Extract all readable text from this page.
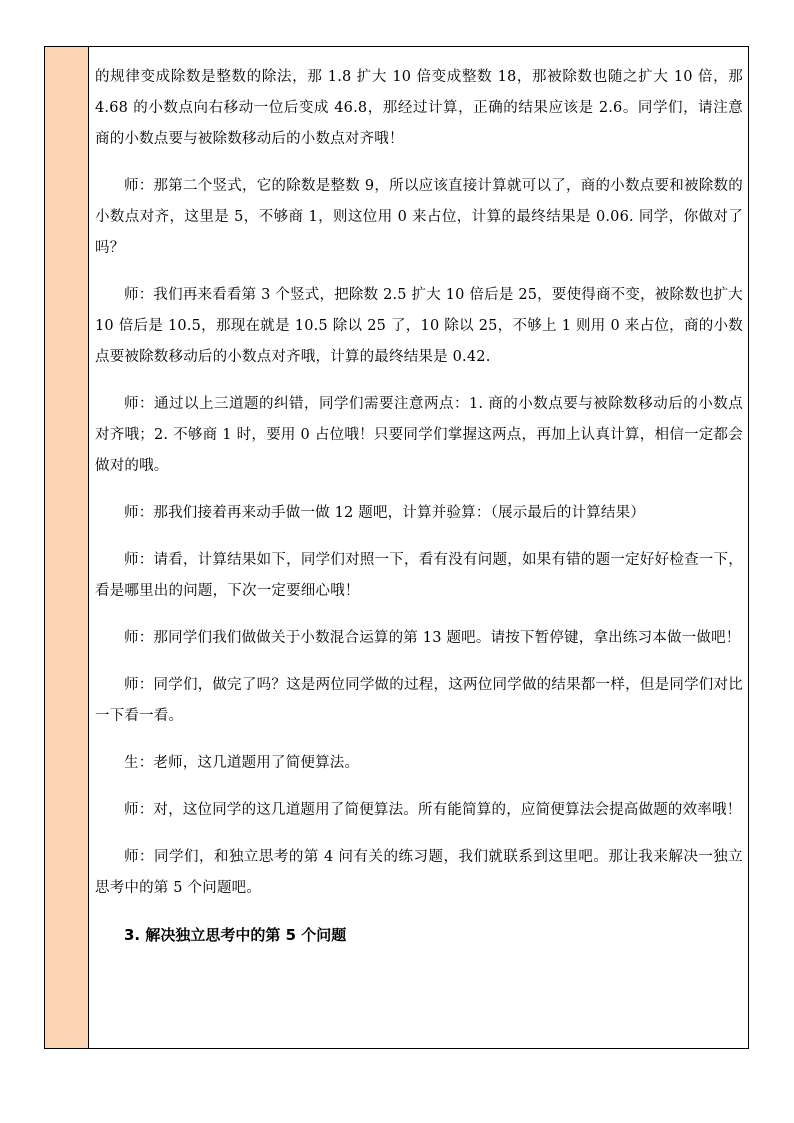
的规律变成除数是整数的除法，那 1.8 扩大 10 倍变成整数 18，那被除数也随之扩大 10 倍，那 4.68 的小数点向右移动一位后变成 46.8，那经过计算，正确的结果应该是 2.6。同学们，请注意商的小数点要与被除数移动后的小数点对齐哦！

师：那第二个竖式，它的除数是整数 9，所以应该直接计算就可以了，商的小数点要和被除数的小数点对齐，这里是 5，不够商 1，则这位用 0 来占位，计算的最终结果是 0.06. 同学，你做对了吗？

师：我们再来看看第 3 个竖式，把除数 2.5 扩大 10 倍后是 25，要使得商不变，被除数也扩大 10 倍后是 10.5，那现在就是 10.5 除以 25 了，10 除以 25，不够上 1 则用 0 来占位，商的小数点要被除数移动后的小数点对齐哦，计算的最终结果是 0.42.

师：通过以上三道题的纠错，同学们需要注意两点：1. 商的小数点要与被除数移动后的小数点对齐哦；2. 不够商 1 时，要用 0 占位哦！只要同学们掌握这两点，再加上认真计算，相信一定都会做对的哦。

师：那我们接着再来动手做一做 12 题吧，计算并验算：（展示最后的计算结果）

师：请看，计算结果如下，同学们对照一下，看有没有问题，如果有错的题一定好好检查一下，看是哪里出的问题，下次一定要细心哦！

师：那同学们我们做做关于小数混合运算的第 13 题吧。请按下暂停键，拿出练习本做一做吧！

师：同学们，做完了吗？这是两位同学做的过程，这两位同学做的结果都一样，但是同学们对比一下看一看。

生：老师，这几道题用了简便算法。

师：对，这位同学的这几道题用了简便算法。所有能简算的，应简便算法会提高做题的效率哦！

师：同学们，和独立思考的第 4 问有关的练习题，我们就联系到这里吧。那让我来解决一独立思考中的第 5 个问题吧。

3. 解决独立思考中的第 5 个问题
